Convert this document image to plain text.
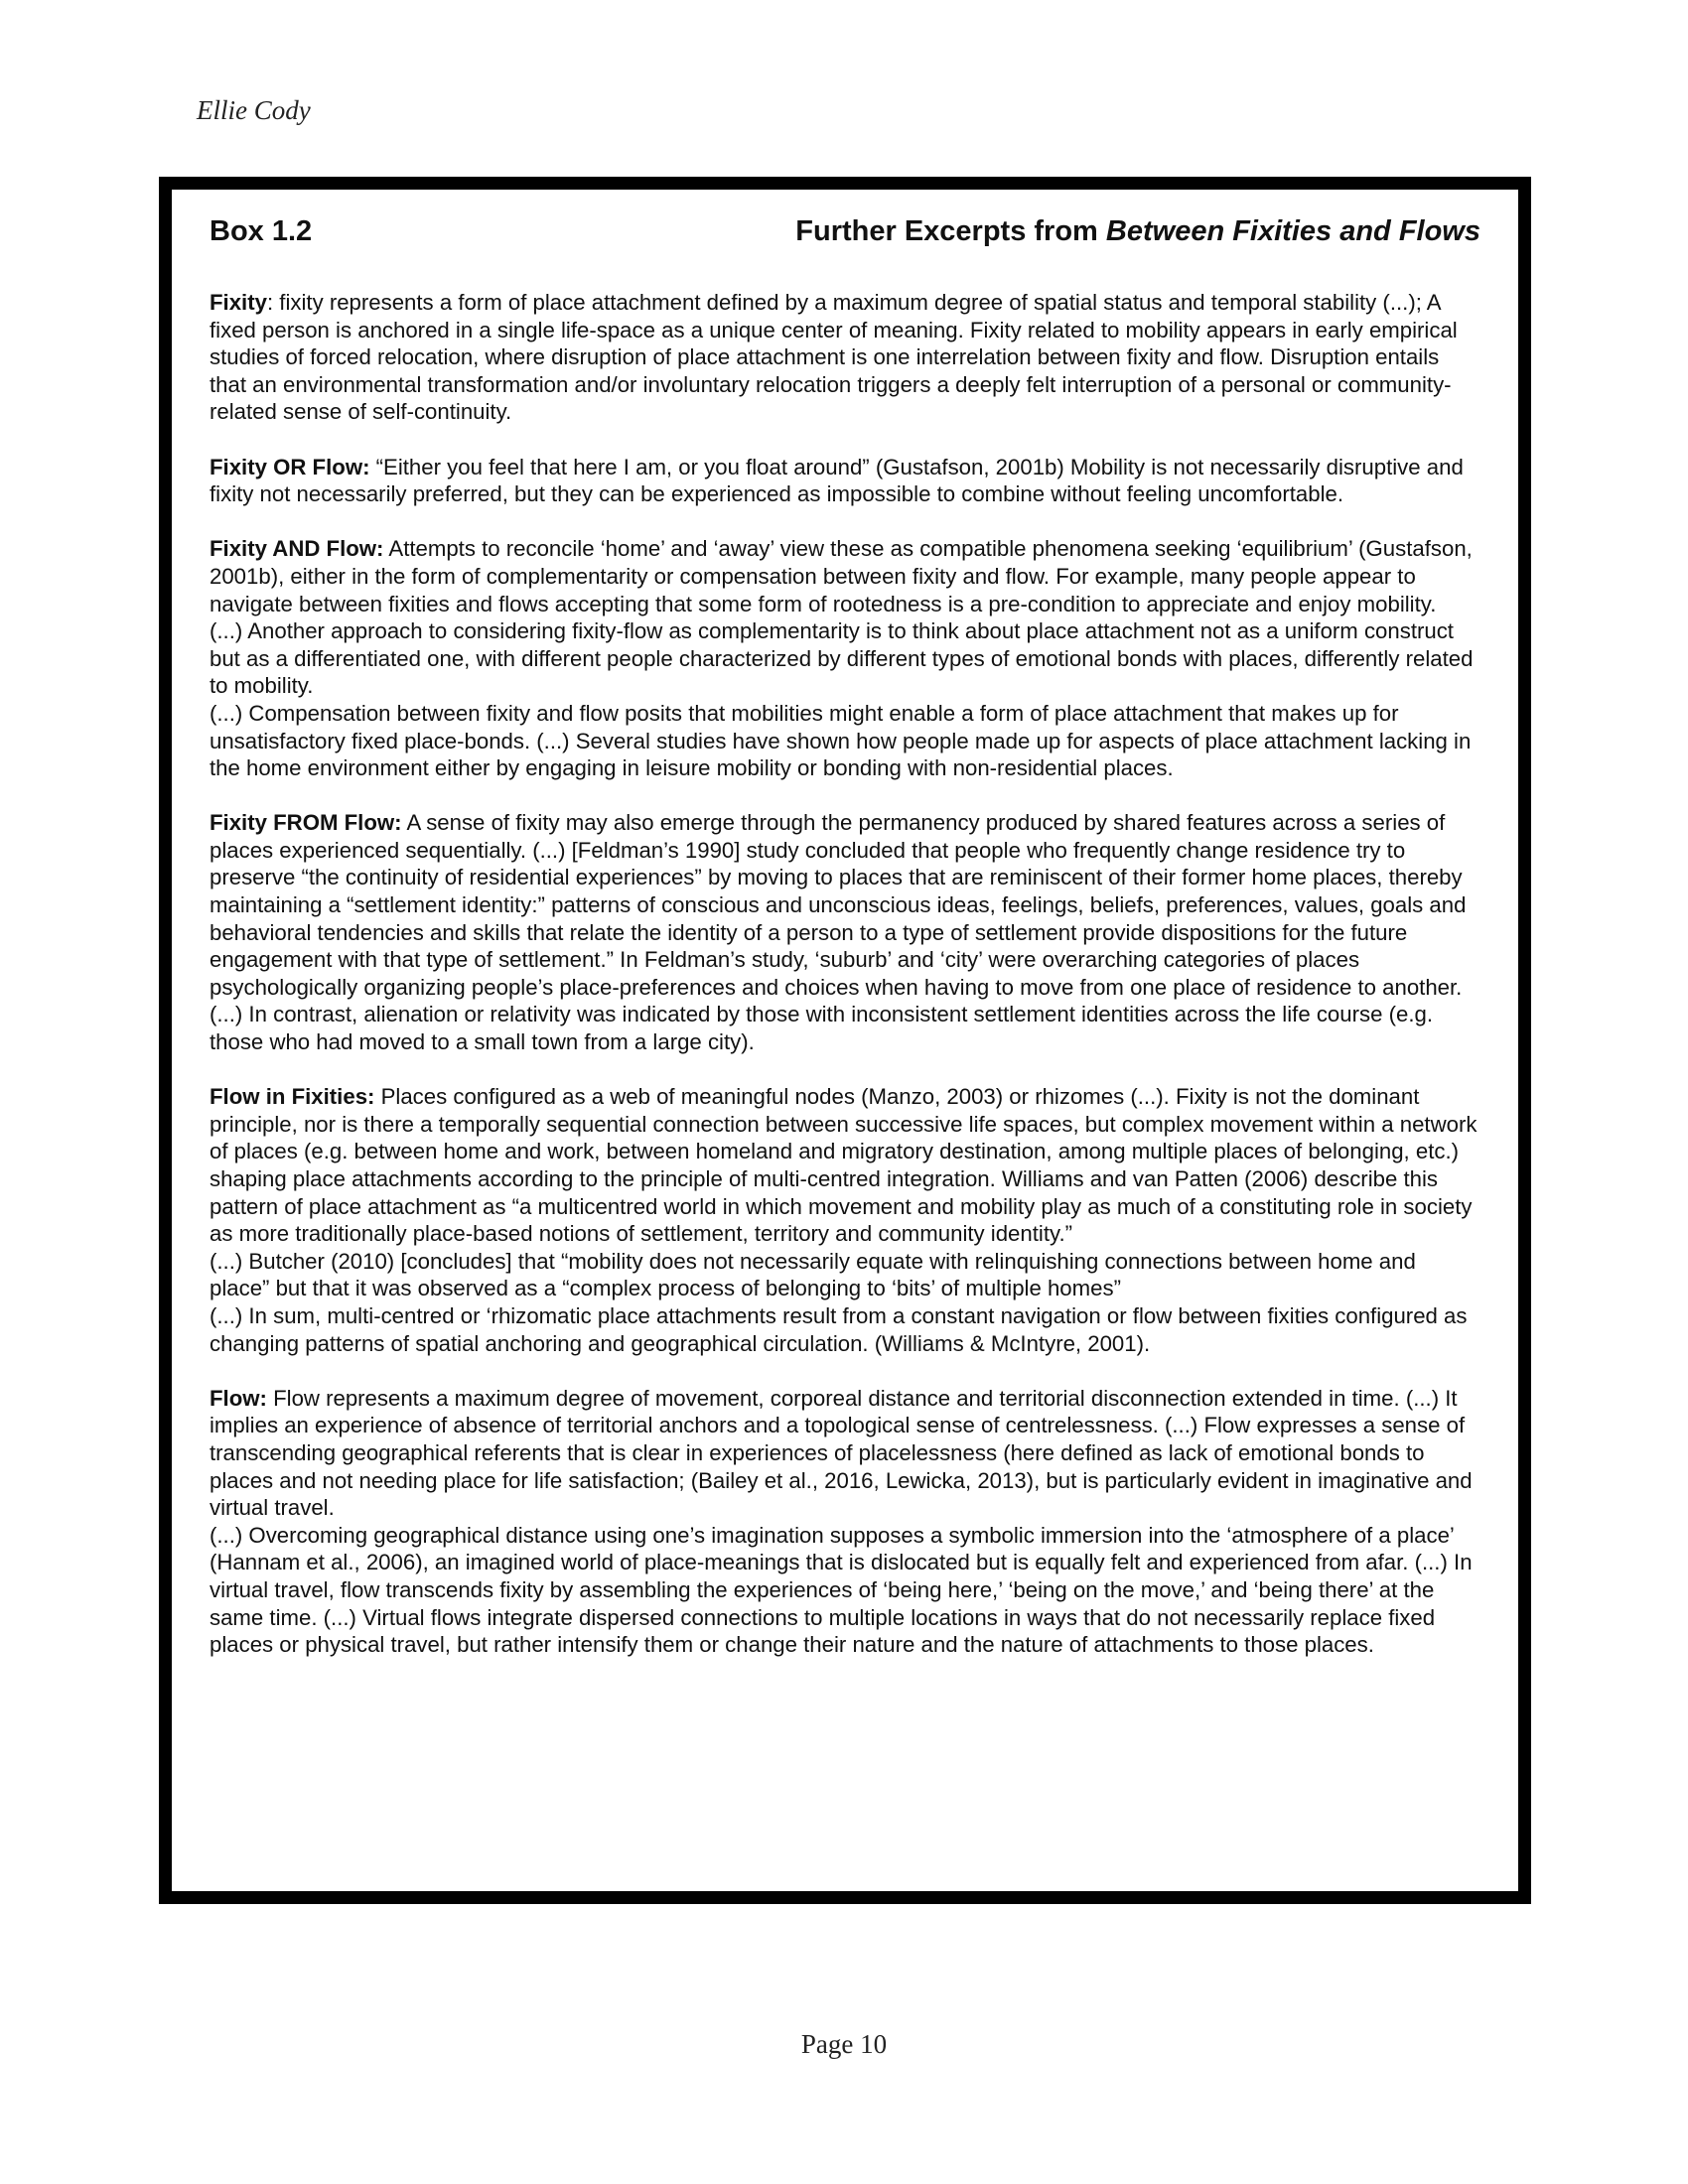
Ellie Cody
Box 1.2	Further Excerpts from Between Fixities and Flows

Fixity: fixity represents a form of place attachment defined by a maximum degree of spatial status and temporal stability (...); A fixed person is anchored in a single life-space as a unique center of meaning. Fixity related to mobility appears in early empirical studies of forced relocation, where disruption of place attachment is one interrelation between fixity and flow. Disruption entails that an environmental transformation and/or involuntary relocation triggers a deeply felt interruption of a personal or community-related sense of self-continuity.

Fixity OR Flow: “Either you feel that here I am, or you float around” (Gustafson, 2001b) Mobility is not necessarily disruptive and fixity not necessarily preferred, but they can be experienced as impossible to combine without feeling uncomfortable.

Fixity AND Flow: Attempts to reconcile ‘home’ and ‘away’ view these as compatible phenomena seeking ‘equilibrium’ (Gustafson, 2001b), either in the form of complementarity or compensation between fixity and flow. For example, many people appear to navigate between fixities and flows accepting that some form of rootedness is a pre-condition to appreciate and enjoy mobility.
(...) Another approach to considering fixity-flow as complementarity is to think about place attachment not as a uniform construct but as a differentiated one, with different people characterized by different types of emotional bonds with places, differently related to mobility.
(...) Compensation between fixity and flow posits that mobilities might enable a form of place attachment that makes up for unsatisfactory fixed place-bonds. (...) Several studies have shown how people made up for aspects of place attachment lacking in the home environment either by engaging in leisure mobility or bonding with non-residential places.

Fixity FROM Flow: A sense of fixity may also emerge through the permanency produced by shared features across a series of places experienced sequentially. (...) [Feldman’s 1990] study concluded that people who frequently change residence try to preserve “the continuity of residential experiences” by moving to places that are reminiscent of their former home places, thereby maintaining a “settlement identity:” patterns of conscious and unconscious ideas, feelings, beliefs, preferences, values, goals and behavioral tendencies and skills that relate the identity of a person to a type of settlement provide dispositions for the future engagement with that type of settlement.” In Feldman’s study, ‘suburb’ and ‘city’ were overarching categories of places psychologically organizing people’s place-preferences and choices when having to move from one place of residence to another.
(...) In contrast, alienation or relativity was indicated by those with inconsistent settlement identities across the life course (e.g. those who had moved to a small town from a large city).

Flow in Fixities: Places configured as a web of meaningful nodes (Manzo, 2003) or rhizomes (...). Fixity is not the dominant principle, nor is there a temporally sequential connection between successive life spaces, but complex movement within a network of places (e.g. between home and work, between homeland and migratory destination, among multiple places of belonging, etc.) shaping place attachments according to the principle of multi-centred integration. Williams and van Patten (2006) describe this pattern of place attachment as “a multicentred world in which movement and mobility play as much of a constituting role in society as more traditionally place-based notions of settlement, territory and community identity.”
(...) Butcher (2010) [concludes] that “mobility does not necessarily equate with relinquishing connections between home and place” but that it was observed as a “complex process of belonging to ‘bits’ of multiple homes”
(...) In sum, multi-centred or ‘rhizomatic place attachments result from a constant navigation or flow between fixities configured as changing patterns of spatial anchoring and geographical circulation. (Williams & McIntyre, 2001).

Flow: Flow represents a maximum degree of movement, corporeal distance and territorial disconnection extended in time. (...) It implies an experience of absence of territorial anchors and a topological sense of centrelessness. (...) Flow expresses a sense of transcending geographical referents that is clear in experiences of placelessness (here defined as lack of emotional bonds to places and not needing place for life satisfaction; (Bailey et al., 2016, Lewicka, 2013), but is particularly evident in imaginative and virtual travel.
(...) Overcoming geographical distance using one’s imagination supposes a symbolic immersion into the ‘atmosphere of a place’ (Hannam et al., 2006), an imagined world of place-meanings that is dislocated but is equally felt and experienced from afar. (...) In virtual travel, flow transcends fixity by assembling the experiences of ‘being here,’ ‘being on the move,’ and ‘being there’ at the same time. (...) Virtual flows integrate dispersed connections to multiple locations in ways that do not necessarily replace fixed places or physical travel, but rather intensify them or change their nature and the nature of attachments to those places.

Page 10
